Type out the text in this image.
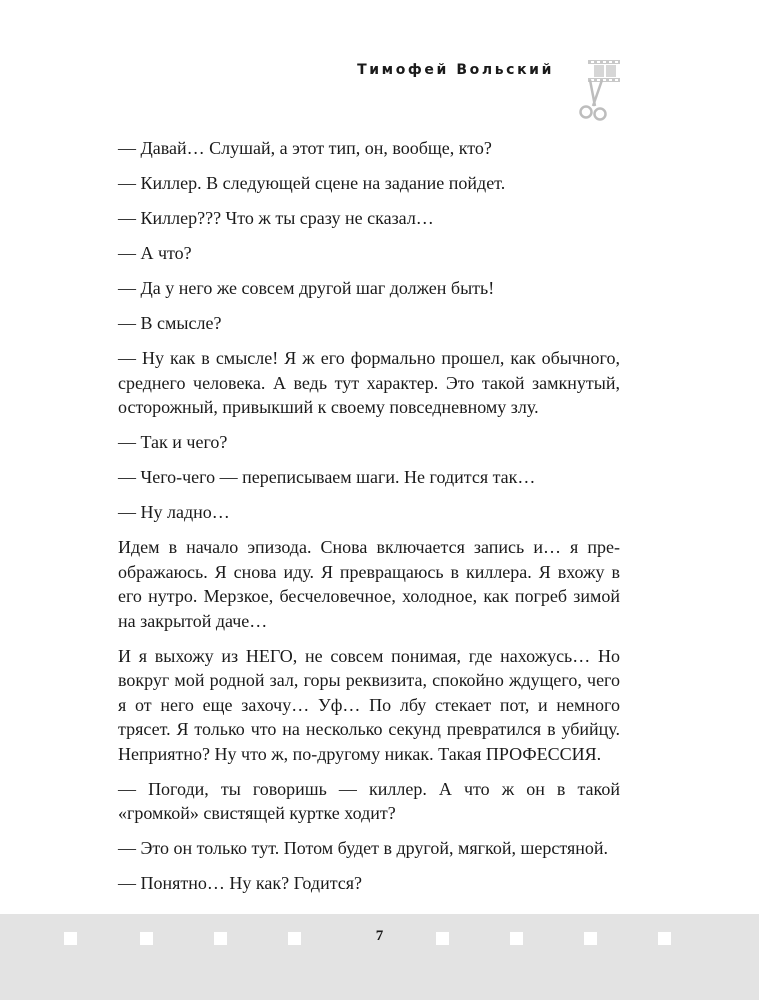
Тимофей Вольский

— Давай… Слушай, а этот тип, он, вообще, кто?

— Киллер. В следующей сцене на задание пойдет.

— Киллер??? Что ж ты сразу не сказал…

— А что?

— Да у него же совсем другой шаг должен быть!

— В смысле?

— Ну как в смысле! Я ж его формально прошел, как обычного, среднего человека. А ведь тут характер. Это такой замкнутый, осторожный, привыкший к своему повседневному злу.

— Так и чего?

— Чего-чего — переписываем шаги. Не годится так…

— Ну ладно…

Идем в начало эпизода. Снова включается запись и… я преображаюсь. Я снова иду. Я превращаюсь в киллера. Я вхожу в его нутро. Мерзкое, бесчеловечное, холодное, как погреб зимой на закрытой даче…

И я выхожу из НЕГО, не совсем понимая, где нахожусь… Но вокруг мой родной зал, горы реквизита, спокойно ждущего, чего я от него еще захочу… Уф… По лбу стекает пот, и немного трясет. Я только что на несколько секунд превратился в убийцу. Неприятно? Ну что ж, по-другому никак. Такая ПРОФЕССИЯ.

— Погоди, ты говоришь — киллер. А что ж он в такой «громкой» свистящей куртке ходит?

— Это он только тут. Потом будет в другой, мягкой, шерстяной.

— Понятно… Ну как? Годится?

7
